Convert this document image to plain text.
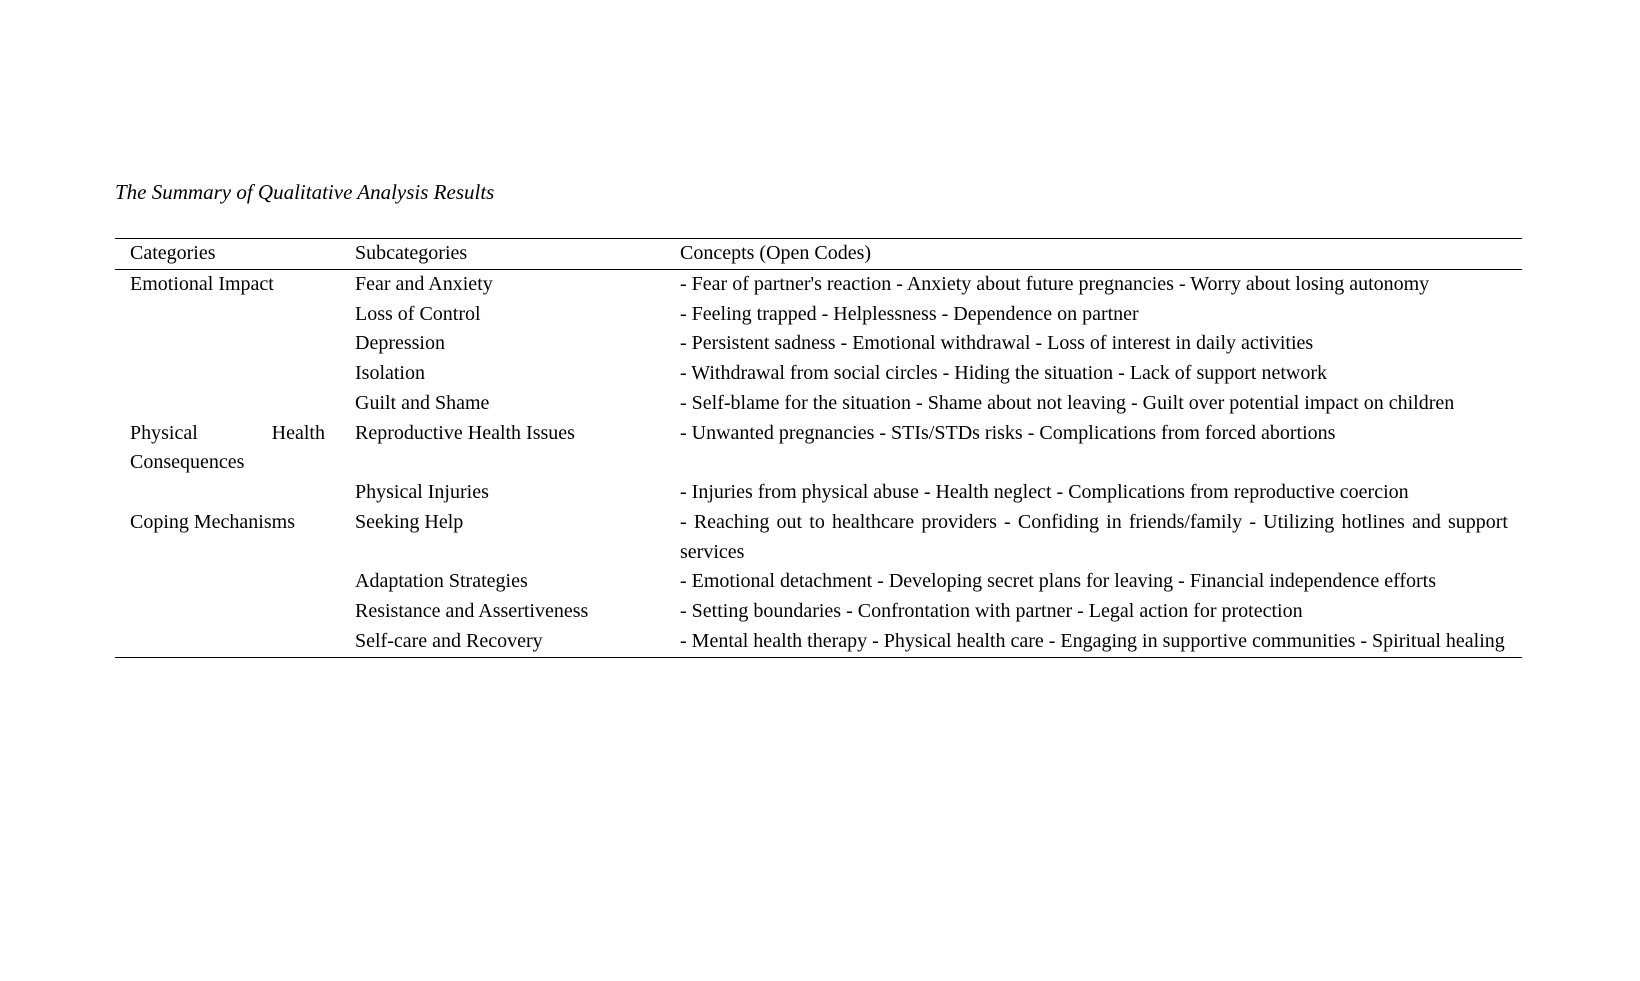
The Summary of Qualitative Analysis Results
Categories	Subcategories	Concepts (Open Codes)
Emotional Impact	Fear and Anxiety	- Fear of partner's reaction - Anxiety about future pregnancies - Worry about losing autonomy
	Loss of Control	- Feeling trapped - Helplessness - Dependence on partner
	Depression	- Persistent sadness - Emotional withdrawal - Loss of interest in daily activities
	Isolation	- Withdrawal from social circles - Hiding the situation - Lack of support network
	Guilt and Shame	- Self-blame for the situation - Shame about not leaving - Guilt over potential impact on children
Physical Health Consequences	Reproductive Health Issues	- Unwanted pregnancies - STIs/STDs risks - Complications from forced abortions
	Physical Injuries	- Injuries from physical abuse - Health neglect - Complications from reproductive coercion
Coping Mechanisms	Seeking Help	- Reaching out to healthcare providers - Confiding in friends/family - Utilizing hotlines and support services
	Adaptation Strategies	- Emotional detachment - Developing secret plans for leaving - Financial independence efforts
	Resistance and Assertiveness	- Setting boundaries - Confrontation with partner - Legal action for protection
	Self-care and Recovery	- Mental health therapy - Physical health care - Engaging in supportive communities - Spiritual healing
